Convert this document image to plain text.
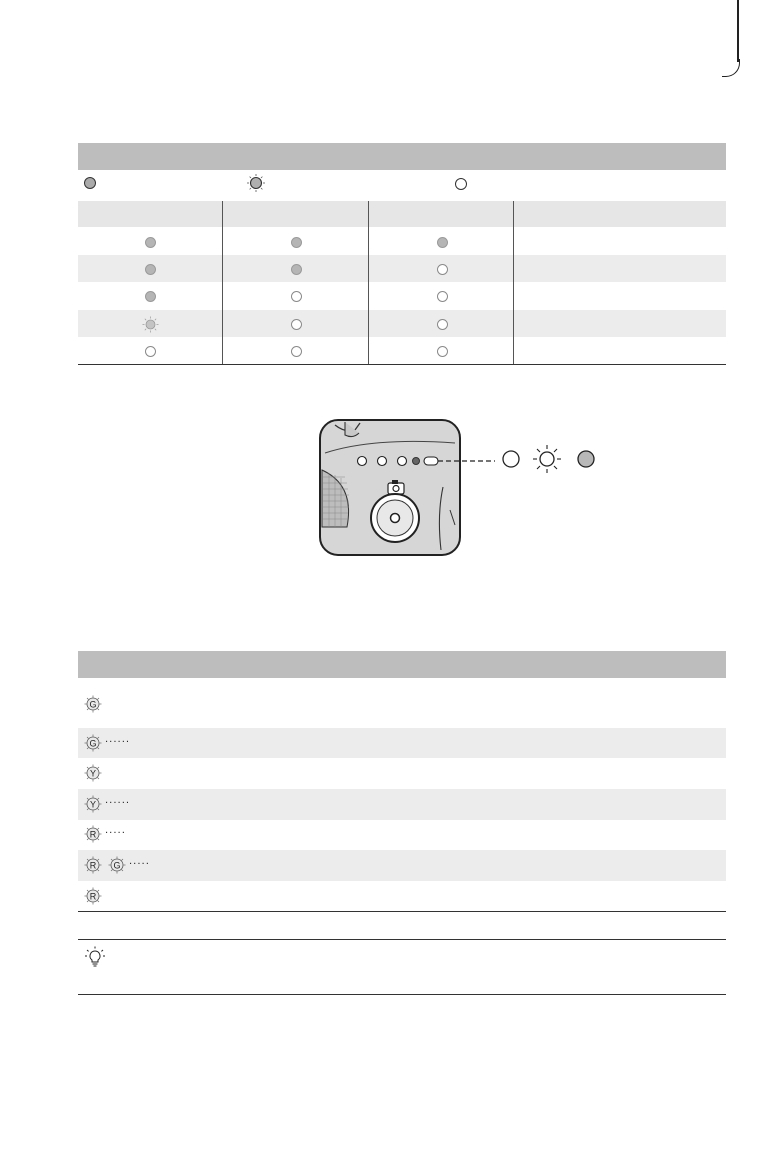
G
G ······
Y
Y ······
R ·····
R G ·····
R
